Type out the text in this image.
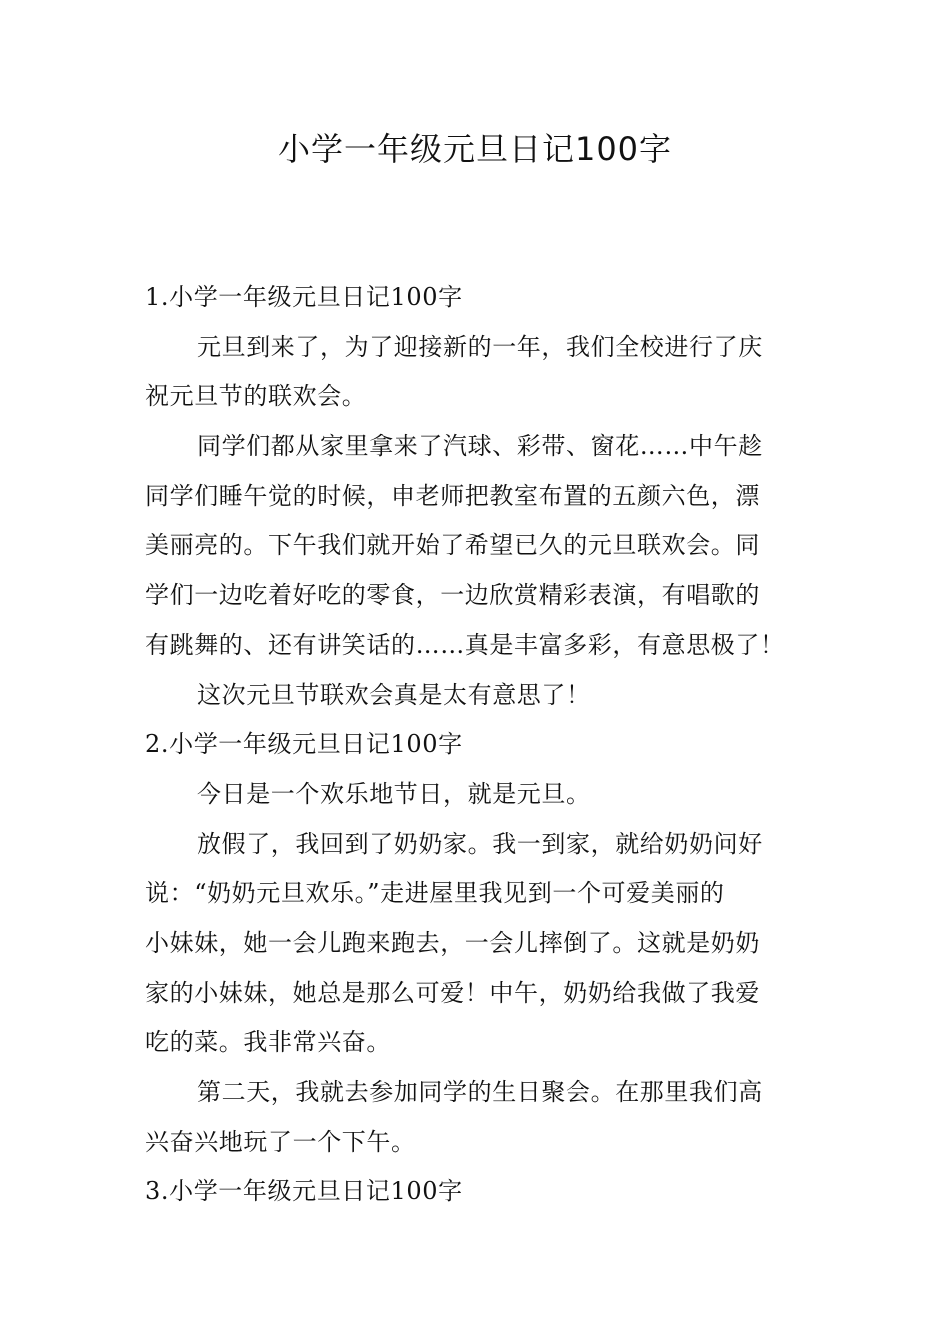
小学一年级元旦日记100字
1.小学一年级元旦日记100字
元旦到来了，为了迎接新的一年，我们全校进行了庆
祝元旦节的联欢会。
同学们都从家里拿来了汽球、彩带、窗花……中午趁
同学们睡午觉的时候，申老师把教室布置的五颜六色，漂
美丽亮的。下午我们就开始了希望已久的元旦联欢会。同
学们一边吃着好吃的零食，一边欣赏精彩表演，有唱歌的
有跳舞的、还有讲笑话的……真是丰富多彩，有意思极了！
这次元旦节联欢会真是太有意思了！
2.小学一年级元旦日记100字
今日是一个欢乐地节日，就是元旦。
放假了，我回到了奶奶家。我一到家，就给奶奶问好
说：“奶奶元旦欢乐。”走进屋里我见到一个可爱美丽的
小妹妹，她一会儿跑来跑去，一会儿摔倒了。这就是奶奶
家的小妹妹，她总是那么可爱！中午，奶奶给我做了我爱
吃的菜。我非常兴奋。
第二天，我就去参加同学的生日聚会。在那里我们高
兴奋兴地玩了一个下午。
3.小学一年级元旦日记100字
